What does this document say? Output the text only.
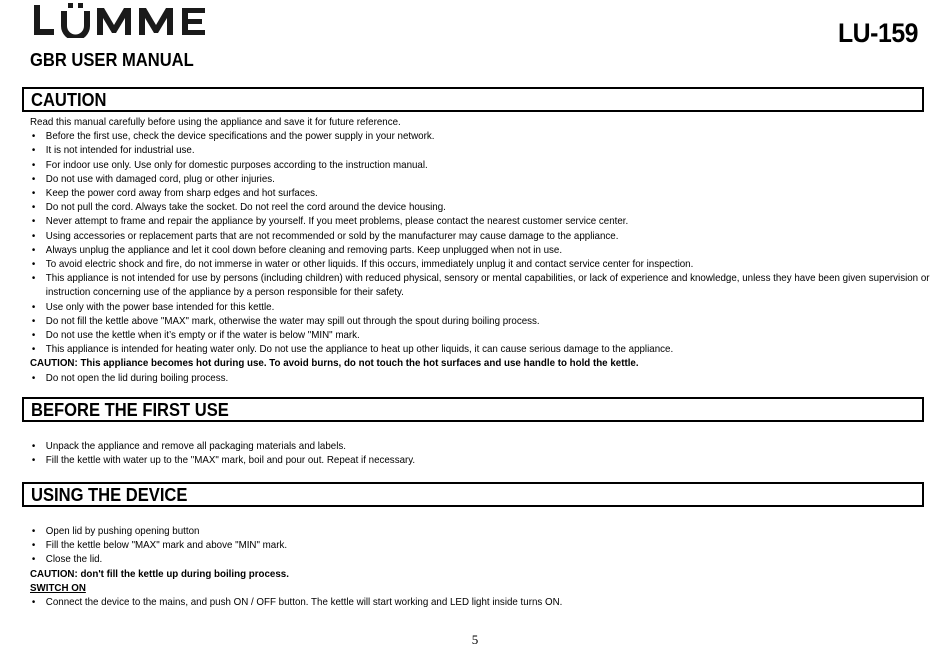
LU-159
GBR USER MANUAL
CAUTION
Read this manual carefully before using the appliance and save it for future reference.
• Before the first use, check the device specifications and the power supply in your network.
• It is not intended for industrial use.
• For indoor use only. Use only for domestic purposes according to the instruction manual.
• Do not use with damaged cord, plug or other injuries.
• Keep the power cord away from sharp edges and hot surfaces.
• Do not pull the cord. Always take the socket. Do not reel the cord around the device housing.
• Never attempt to frame and repair the appliance by yourself. If you meet problems, please contact the nearest customer service center.
• Using accessories or replacement parts that are not recommended or sold by the manufacturer may cause damage to the appliance.
• Always unplug the appliance and let it cool down before cleaning and removing parts. Keep unplugged when not in use.
• To avoid electric shock and fire, do not immerse in water or other liquids. If this occurs, immediately unplug it and contact service center for inspection.
• This appliance is not intended for use by persons (including children) with reduced physical, sensory or mental capabilities, or lack of experience and knowledge, unless they have been given supervision or instruction concerning use of the appliance by a person responsible for their safety.
• Use only with the power base intended for this kettle.
• Do not fill the kettle above "MAX" mark, otherwise the water may spill out through the spout during boiling process.
• Do not use the kettle when it’s empty or if the water is below "MIN" mark.
• This appliance is intended for heating water only. Do not use the appliance to heat up other liquids, it can cause serious damage to the appliance.
CAUTION: This appliance becomes hot during use. To avoid burns, do not touch the hot surfaces and use handle to hold the kettle.
• Do not open the lid during boiling process.
BEFORE THE FIRST USE
• Unpack the appliance and remove all packaging materials and labels.
• Fill the kettle with water up to the "MAX" mark, boil and pour out. Repeat if necessary.
USING THE DEVICE
• Open lid by pushing opening button
• Fill the kettle below "MAX" mark and above "MIN" mark.
• Close the lid.
CAUTION: don't fill the kettle up during boiling process.
SWITCH ON
• Connect the device to the mains, and push ON / OFF button. The kettle will start working and LED light inside turns ON.
5
